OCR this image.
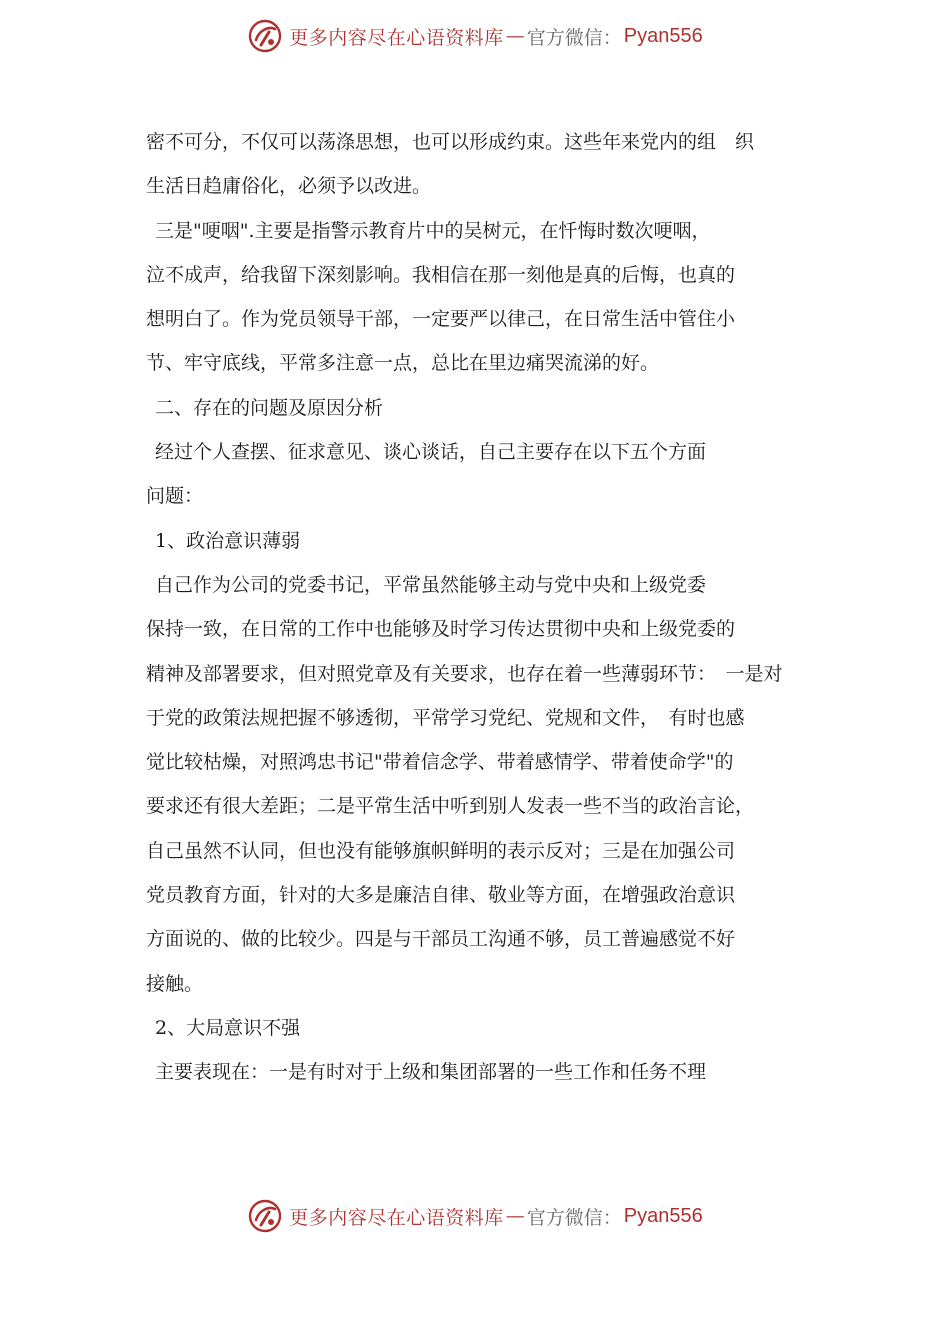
更多内容尽在心语资料库 — 官方微信： Pyan556

密不可分，不仅可以荡涤思想，也可以形成约束。这些年来党内的组　织

生活日趋庸俗化，必须予以改进。

三是"哽咽".主要是指警示教育片中的吴树元，在忏悔时数次哽咽，

泣不成声，给我留下深刻影响。我相信在那一刻他是真的后悔，也真的

想明白了。作为党员领导干部，一定要严以律己，在日常生活中管住小

节、牢守底线，平常多注意一点，总比在里边痛哭流涕的好。

二、存在的问题及原因分析

经过个人查摆、征求意见、谈心谈话，自己主要存在以下五个方面

问题：

1、政治意识薄弱

自己作为公司的党委书记，平常虽然能够主动与党中央和上级党委

保持一致，在日常的工作中也能够及时学习传达贯彻中央和上级党委的

精神及部署要求，但对照党章及有关要求，也存在着一些薄弱环节：　一是对

于党的政策法规把握不够透彻，平常学习党纪、党规和文件，　有时也感

觉比较枯燥，对照鸿忠书记"带着信念学、带着感情学、带着使命学"的

要求还有很大差距；二是平常生活中听到别人发表一些不当的政治言论，

自己虽然不认同，但也没有能够旗帜鲜明的表示反对；三是在加强公司

党员教育方面，针对的大多是廉洁自律、敬业等方面，在增强政治意识

方面说的、做的比较少。四是与干部员工沟通不够，员工普遍感觉不好

接触。

2、大局意识不强

主要表现在：一是有时对于上级和集团部署的一些工作和任务不理

更多内容尽在心语资料库 — 官方微信： Pyan556
